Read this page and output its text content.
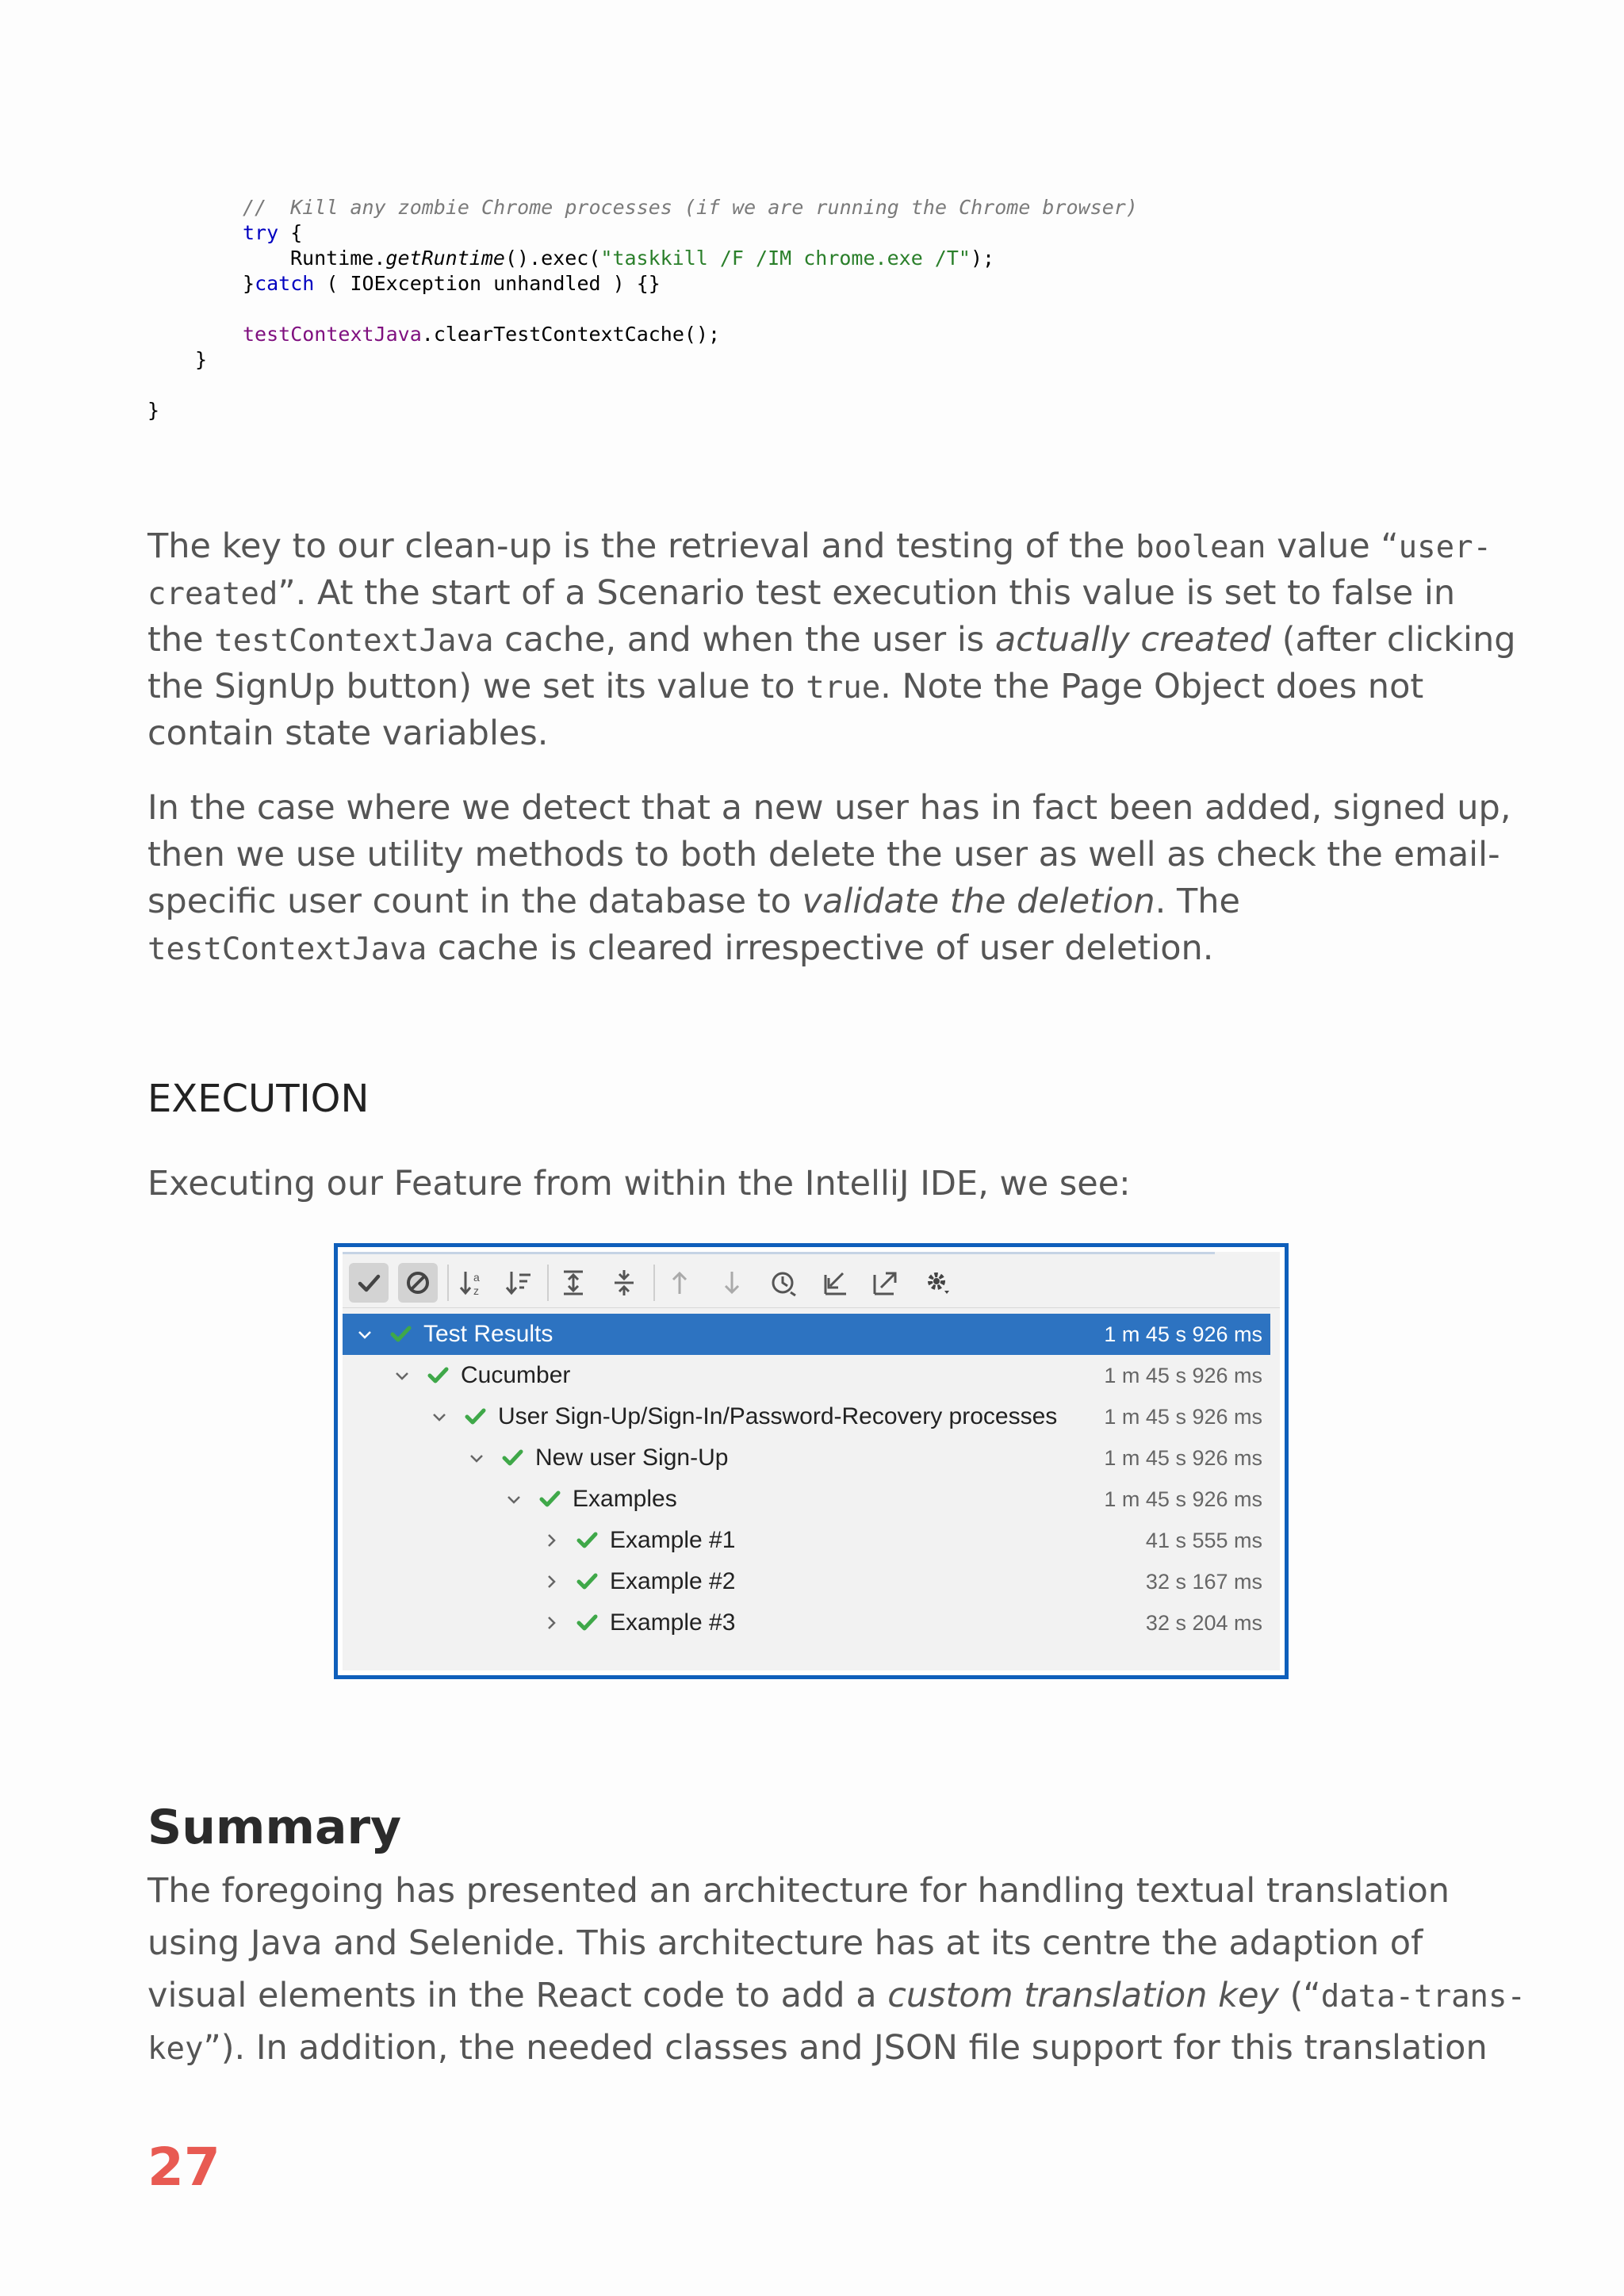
//  Kill any zombie Chrome processes (if we are running the Chrome browser)
try {
Runtime.getRuntime().exec("taskkill /F /IM chrome.exe /T");
}catch ( IOException unhandled ) {}
testContextJava.clearTestContextCache();
}
}
The key to our clean-up is the retrieval and testing of the boolean value “user-
created”. At the start of a Scenario test execution this value is set to false in
the testContextJava cache, and when the user is actually created (after clicking
the SignUp button) we set its value to true. Note the Page Object does not
contain state variables.
In the case where we detect that a new user has in fact been added, signed up,
then we use utility methods to both delete the user as well as check the email-
specific user count in the database to validate the deletion. The
testContextJava cache is cleared irrespective of user deletion.
EXECUTION
Executing our Feature from within the IntelliJ IDE, we see:
a
z
Test Results	1 m 45 s 926 ms
Cucumber	1 m 45 s 926 ms
User Sign-Up/Sign-In/Password-Recovery processes 1 m 45 s 926 ms
New user Sign-Up	1 m 45 s 926 ms
Examples	1 m 45 s 926 ms
Example #1	41 s 555 ms
Example #2	32 s 167 ms
Example #3	32 s 204 ms
Summary
The foregoing has presented an architecture for handling textual translation
using Java and Selenide. This architecture has at its centre the adaption of
visual elements in the React code to add a custom translation key (“data-trans-
key”). In addition, the needed classes and JSON file support for this translation
27
